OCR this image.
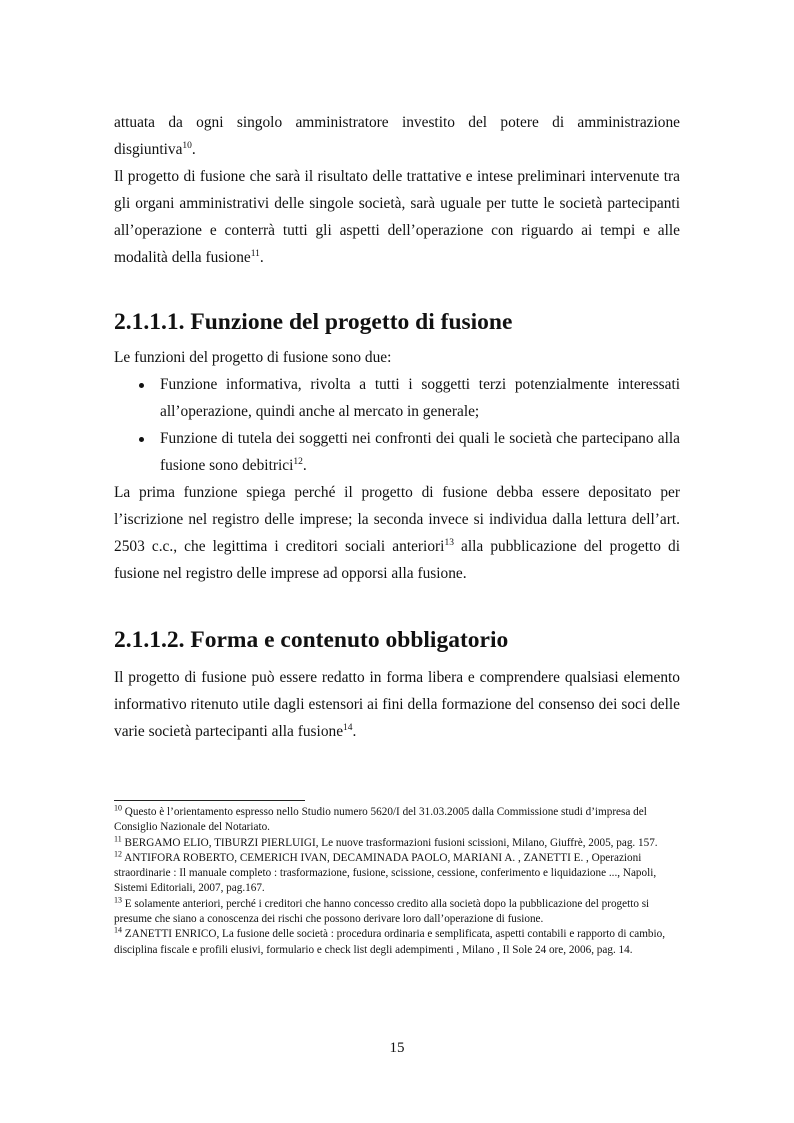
attuata da ogni singolo amministratore investito del potere di amministrazione disgiuntiva$^{10}$.

Il progetto di fusione che sarà il risultato delle trattative e intese preliminari intervenute tra gli organi amministrativi delle singole società, sarà uguale per tutte le società partecipanti all’operazione e conterrà tutti gli aspetti dell’operazione con riguardo ai tempi e alle modalità della fusione$^{11}$.

2.1.1.1. Funzione del progetto di fusione

Le funzioni del progetto di fusione sono due:

Funzione informativa, rivolta a tutti i soggetti terzi potenzialmente interessati all’operazione, quindi anche al mercato in generale;
Funzione di tutela dei soggetti nei confronti dei quali le società che partecipano alla fusione sono debitrici$^{12}$.

La prima funzione spiega perché il progetto di fusione debba essere depositato per l’iscrizione nel registro delle imprese; la seconda invece si individua dalla lettura dell’art. 2503 c.c., che legittima i creditori sociali anteriori$^{13}$ alla pubblicazione del progetto di fusione nel registro delle imprese ad opporsi alla fusione.

2.1.1.2. Forma e contenuto obbligatorio

Il progetto di fusione può essere redatto in forma libera e comprendere qualsiasi elemento informativo ritenuto utile dagli estensori ai fini della formazione del consenso dei soci delle varie società partecipanti alla fusione$^{14}$.

$^{10}$ Questo è l’orientamento espresso nello Studio numero 5620/I del 31.03.2005 dalla Commissione studi d’impresa del Consiglio Nazionale del Notariato.

$^{11}$ BERGAMO ELIO, TIBURZI PIERLUIGI, Le nuove trasformazioni fusioni scissioni, Milano, Giuffrè, 2005, pag. 157.

$^{12}$ ANTIFORA ROBERTO, CEMERICH IVAN, DECAMINADA PAOLO, MARIANI A. , ZANETTI E. , Operazioni straordinarie : Il manuale completo : trasformazione, fusione, scissione, cessione, conferimento e liquidazione ..., Napoli, Sistemi Editoriali, 2007, pag.167.

$^{13}$ E solamente anteriori, perché i creditori che hanno concesso credito alla società dopo la pubblicazione del progetto si presume che siano a conoscenza dei rischi che possono derivare loro dall’operazione di fusione.

$^{14}$ ZANETTI ENRICO, La fusione delle società : procedura ordinaria e semplificata, aspetti contabili e rapporto di cambio, disciplina fiscale e profili elusivi, formulario e check list degli adempimenti , Milano , Il Sole 24 ore, 2006, pag. 14.

15
